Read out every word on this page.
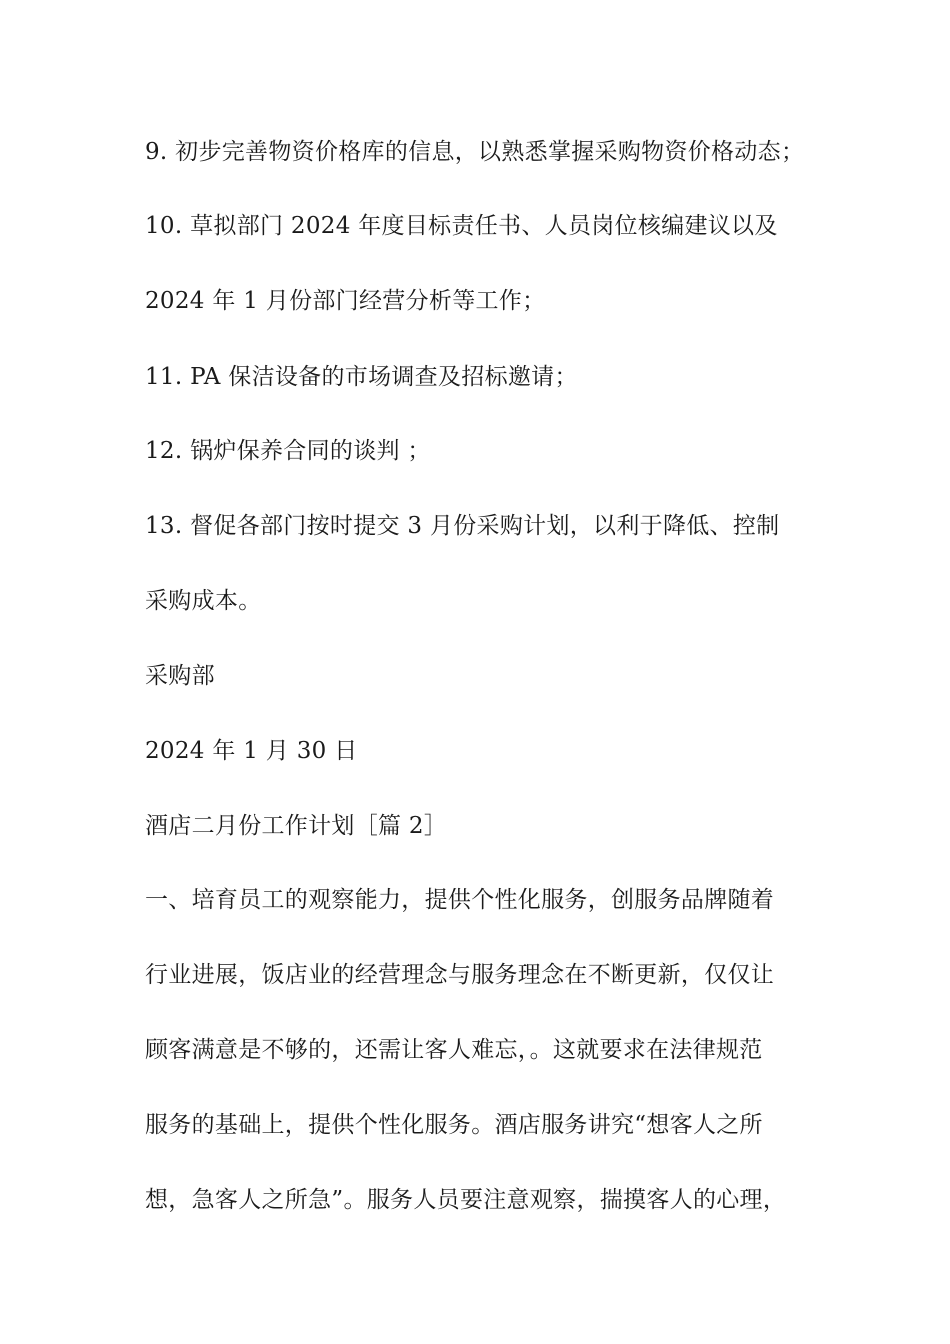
9. 初步完善物资价格库的信息，以熟悉掌握采购物资价格动态；
10. 草拟部门 2024 年度目标责任书、人员岗位核编建议以及
2024 年 1 月份部门经营分析等工作；
11. PA 保洁设备的市场调查及招标邀请；
12. 锅炉保养合同的谈判 ；
13. 督促各部门按时提交 3 月份采购计划，以利于降低、控制
采购成本。
采购部
2024 年 1 月 30 日
酒店二月份工作计划［篇 2］
一、培育员工的观察能力，提供个性化服务，创服务品牌随着
行业进展，饭店业的经营理念与服务理念在不断更新，仅仅让
顾客满意是不够的，还需让客人难忘，。这就要求在法律规范
服务的基础上，提供个性化服务。酒店服务讲究“想客人之所
想，急客人之所急”。服务人员要注意观察，揣摸客人的心理，
